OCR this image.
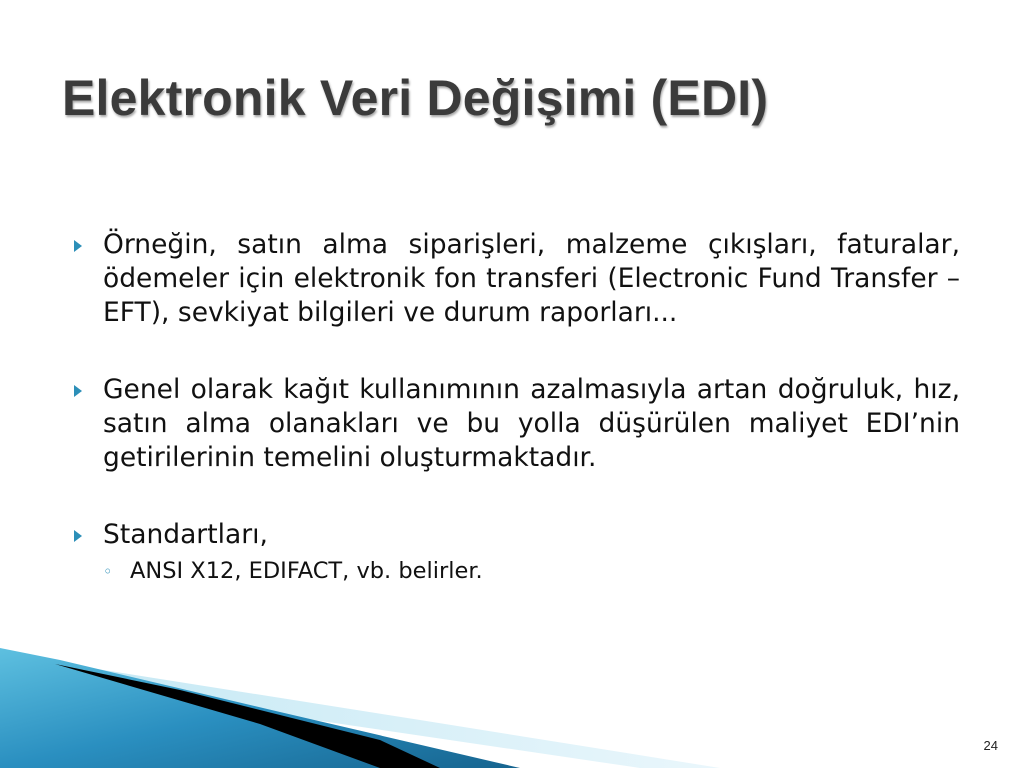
Elektronik Veri Değişimi (EDI)
Örneğin, satın alma siparişleri, malzeme çıkışları, faturalar, ödemeler için elektronik fon transferi (Electronic Fund Transfer – EFT), sevkiyat bilgileri ve durum raporları...
Genel olarak kağıt kullanımının azalmasıyla artan doğruluk, hız, satın alma olanakları ve bu yolla düşürülen maliyet EDI’nin getirilerinin temelini oluşturmaktadır.
Standartları,
◦ ANSI X12, EDIFACT, vb. belirler.
24
